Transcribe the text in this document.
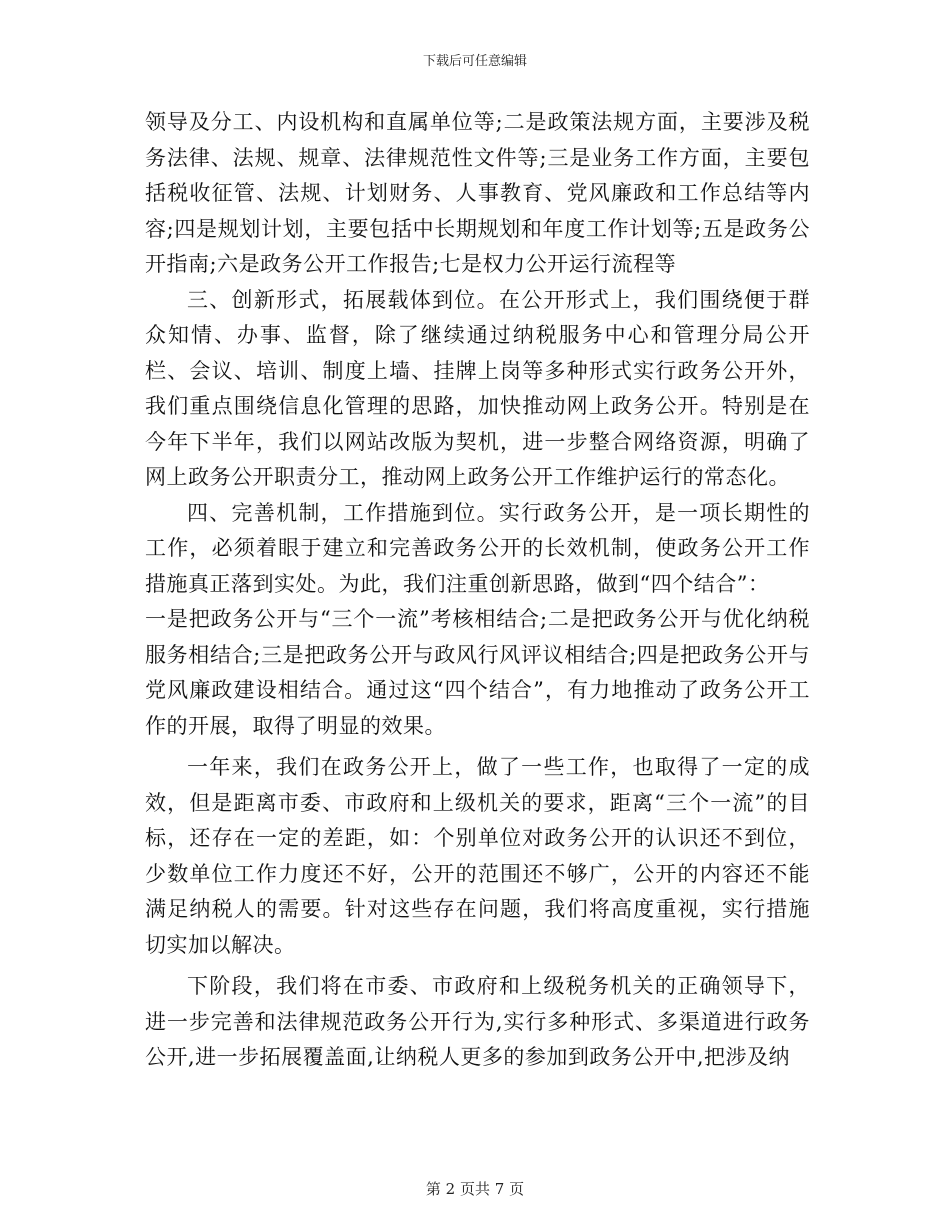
下载后可任意编辑

领导及分工、内设机构和直属单位等;二是政策法规方面，主要涉及税务法律、法规、规章、法律规范性文件等;三是业务工作方面，主要包括税收征管、法规、计划财务、人事教育、党风廉政和工作总结等内容;四是规划计划，主要包括中长期规划和年度工作计划等;五是政务公开指南;六是政务公开工作报告;七是权力公开运行流程等

三、创新形式，拓展载体到位。在公开形式上，我们围绕便于群众知情、办事、监督，除了继续通过纳税服务中心和管理分局公开栏、会议、培训、制度上墙、挂牌上岗等多种形式实行政务公开外，我们重点围绕信息化管理的思路，加快推动网上政务公开。特别是在今年下半年，我们以网站改版为契机，进一步整合网络资源，明确了网上政务公开职责分工，推动网上政务公开工作维护运行的常态化。

四、完善机制，工作措施到位。实行政务公开，是一项长期性的工作，必须着眼于建立和完善政务公开的长效机制，使政务公开工作措施真正落到实处。为此，我们注重创新思路，做到“四个结合”：

一是把政务公开与“三个一流”考核相结合;二是把政务公开与优化纳税服务相结合;三是把政务公开与政风行风评议相结合;四是把政务公开与党风廉政建设相结合。通过这“四个结合”，有力地推动了政务公开工作的开展，取得了明显的效果。

一年来，我们在政务公开上，做了一些工作，也取得了一定的成效，但是距离市委、市政府和上级机关的要求，距离“三个一流”的目标，还存在一定的差距，如：个别单位对政务公开的认识还不到位，少数单位工作力度还不好，公开的范围还不够广，公开的内容还不能满足纳税人的需要。针对这些存在问题，我们将高度重视，实行措施切实加以解决。

下阶段，我们将在市委、市政府和上级税务机关的正确领导下，进一步完善和法律规范政务公开行为,实行多种形式、多渠道进行政务公开,进一步拓展覆盖面,让纳税人更多的参加到政务公开中,把涉及纳

第 2 页共 7 页
